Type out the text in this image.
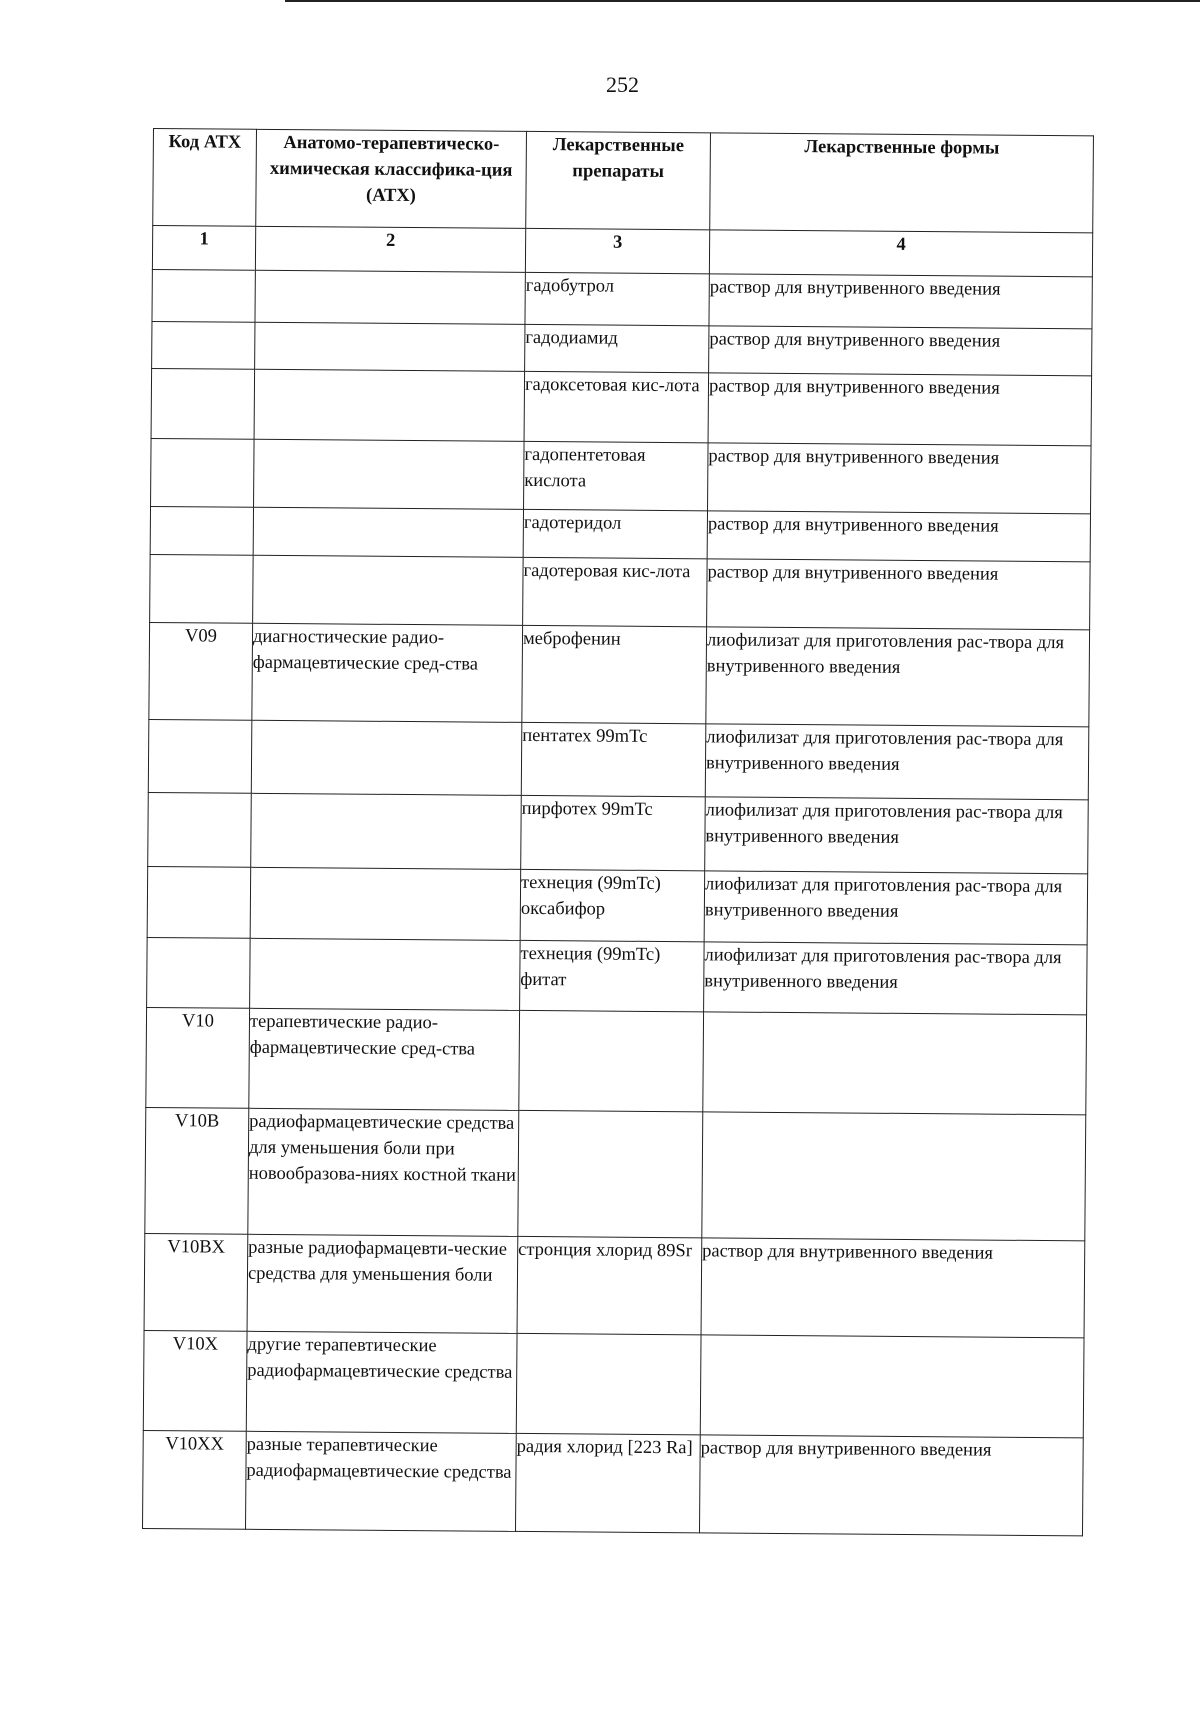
252
Код АТХ	Анатомо-терапевтическо-химическая классифика-ция (АТХ)	Лекарственные препараты	Лекарственные формы
1	2	3	4
		гадобутрол	раствор для внутривенного введения
		гадодиамид	раствор для внутривенного введения
		гадоксетовая кис-лота	раствор для внутривенного введения
		гадопентетовая кислота	раствор для внутривенного введения
		гадотеридол	раствор для внутривенного введения
		гадотеровая кис-лота	раствор для внутривенного введения
V09	диагностические радио-фармацевтические сред-ства	меброфенин	лиофилизат для приготовления рас-твора для внутривенного введения
		пентатех 99mTc	лиофилизат для приготовления рас-твора для внутривенного введения
		пирфотех 99mTc	лиофилизат для приготовления рас-твора для внутривенного введения
		технеция (99mTc) оксабифор	лиофилизат для приготовления рас-твора для внутривенного введения
		технеция (99mTc) фитат	лиофилизат для приготовления рас-твора для внутривенного введения
V10	терапевтические радио-фармацевтические сред-ства		
V10B	радиофармацевтические средства для уменьшения боли при новообразова-ниях костной ткани		
V10BX	разные радиофармацевти-ческие средства для уменьшения боли	стронция хлорид 89Sr	раствор для внутривенного введения
V10X	другие терапевтические радиофармацевтические средства		
V10XX	разные терапевтические радиофармацевтические средства	радия хлорид [223 Ra]	раствор для внутривенного введения
